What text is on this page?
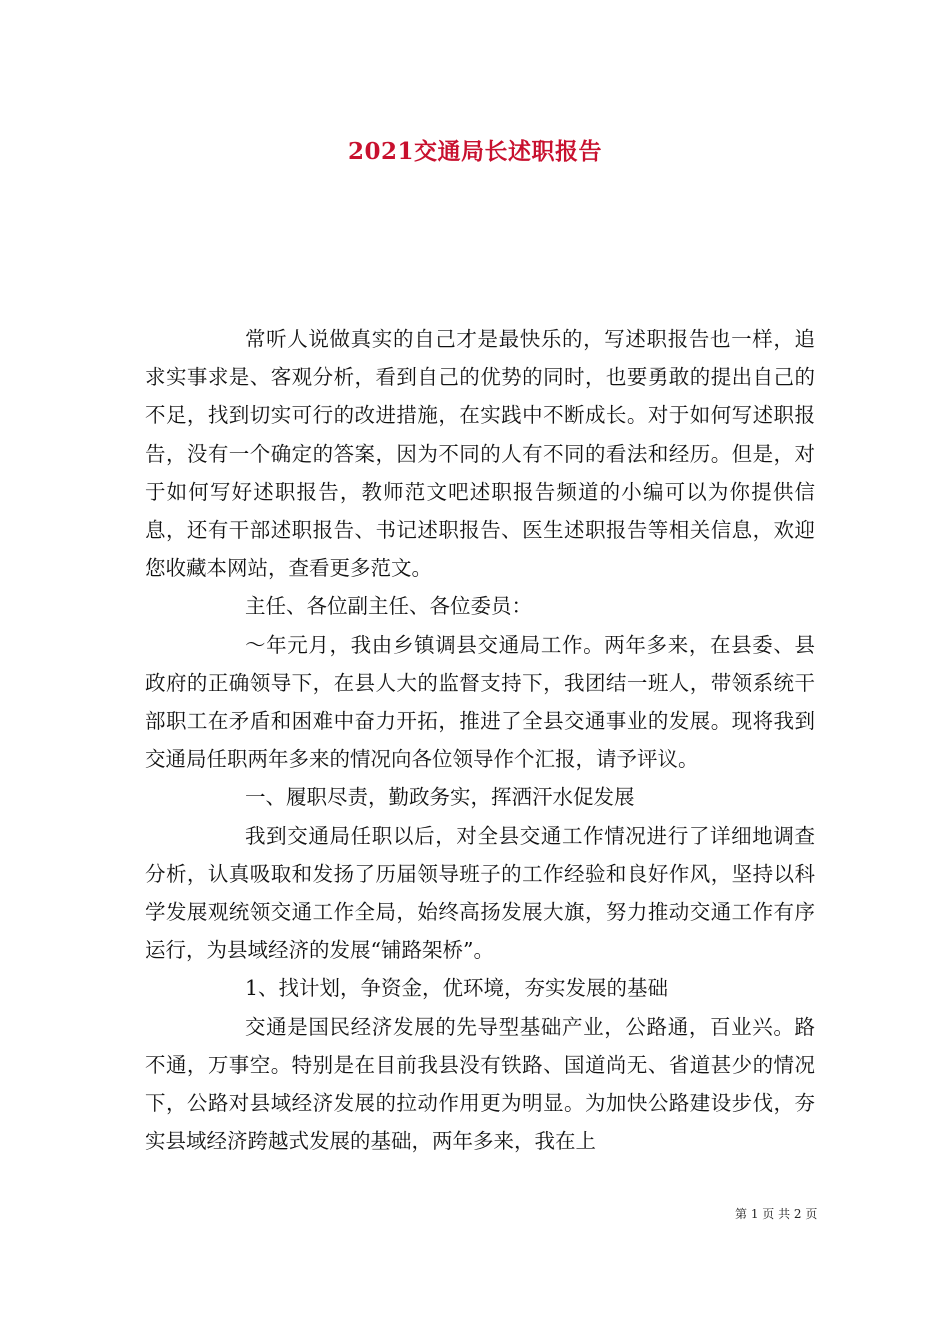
2021交通局长述职报告

常听人说做真实的自己才是最快乐的，写述职报告也一样，追求实事求是、客观分析，看到自己的优势的同时，也要勇敢的提出自己的不足，找到切实可行的改进措施，在实践中不断成长。对于如何写述职报告，没有一个确定的答案，因为不同的人有不同的看法和经历。但是，对于如何写好述职报告，教师范文吧述职报告频道的小编可以为你提供信息，还有干部述职报告、书记述职报告、医生述职报告等相关信息，欢迎您收藏本网站，查看更多范文。

主任、各位副主任、各位委员：

～年元月，我由乡镇调县交通局工作。两年多来，在县委、县政府的正确领导下，在县人大的监督支持下，我团结一班人，带领系统干部职工在矛盾和困难中奋力开拓，推进了全县交通事业的发展。现将我到交通局任职两年多来的情况向各位领导作个汇报，请予评议。

一、履职尽责，勤政务实，挥洒汗水促发展

我到交通局任职以后，对全县交通工作情况进行了详细地调查分析，认真吸取和发扬了历届领导班子的工作经验和良好作风，坚持以科学发展观统领交通工作全局，始终高扬发展大旗，努力推动交通工作有序运行，为县域经济的发展“铺路架桥”。

1、找计划，争资金，优环境，夯实发展的基础

交通是国民经济发展的先导型基础产业，公路通，百业兴。路不通，万事空。特别是在目前我县没有铁路、国道尚无、省道甚少的情况下，公路对县域经济发展的拉动作用更为明显。为加快公路建设步伐，夯实县域经济跨越式发展的基础，两年多来，我在上

第 1 页 共 2 页
